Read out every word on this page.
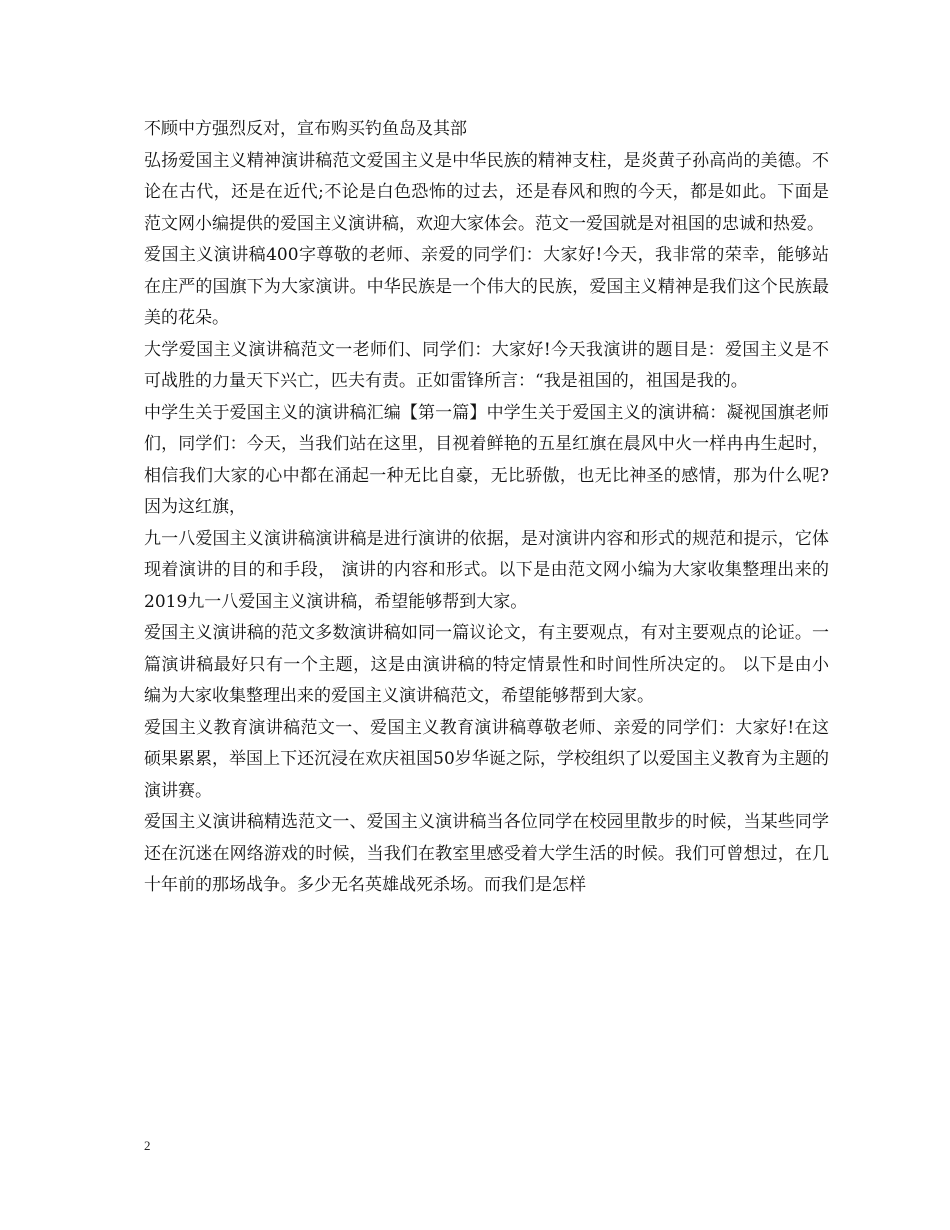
不顾中方强烈反对，宣布购买钓鱼岛及其部

弘扬爱国主义精神演讲稿范文爱国主义是中华民族的精神支柱，是炎黄子孙高尚的美德。不论在古代，还是在近代;不论是白色恐怖的过去，还是春风和煦的今天，都是如此。下面是范文网小编提供的爱国主义演讲稿，欢迎大家体会。范文一爱国就是对祖国的忠诚和热爱。

爱国主义演讲稿400字尊敬的老师、亲爱的同学们：大家好!今天，我非常的荣幸，能够站在庄严的国旗下为大家演讲。中华民族是一个伟大的民族，爱国主义精神是我们这个民族最美的花朵。

大学爱国主义演讲稿范文一老师们、同学们：大家好!今天我演讲的题目是：爱国主义是不可战胜的力量天下兴亡，匹夫有责。正如雷锋所言：“我是祖国的，祖国是我的。

中学生关于爱国主义的演讲稿汇编【第一篇】中学生关于爱国主义的演讲稿：凝视国旗老师们，同学们：今天，当我们站在这里，目视着鲜艳的五星红旗在晨风中火一样冉冉生起时，相信我们大家的心中都在涌起一种无比自豪，无比骄傲，也无比神圣的感情，那为什么呢?因为这红旗，

九一八爱国主义演讲稿演讲稿是进行演讲的依据，是对演讲内容和形式的规范和提示，它体现着演讲的目的和手段， 演讲的内容和形式。以下是由范文网小编为大家收集整理出来的2019九一八爱国主义演讲稿，希望能够帮到大家。

爱国主义演讲稿的范文多数演讲稿如同一篇议论文，有主要观点，有对主要观点的论证。一篇演讲稿最好只有一个主题，这是由演讲稿的特定情景性和时间性所决定的。 以下是由小编为大家收集整理出来的爱国主义演讲稿范文，希望能够帮到大家。

爱国主义教育演讲稿范文一、爱国主义教育演讲稿尊敬老师、亲爱的同学们：大家好!在这硕果累累，举国上下还沉浸在欢庆祖国50岁华诞之际，学校组织了以爱国主义教育为主题的演讲赛。

爱国主义演讲稿精选范文一、爱国主义演讲稿当各位同学在校园里散步的时候，当某些同学还在沉迷在网络游戏的时候，当我们在教室里感受着大学生活的时候。我们可曾想过，在几十年前的那场战争。多少无名英雄战死杀场。而我们是怎样

2
